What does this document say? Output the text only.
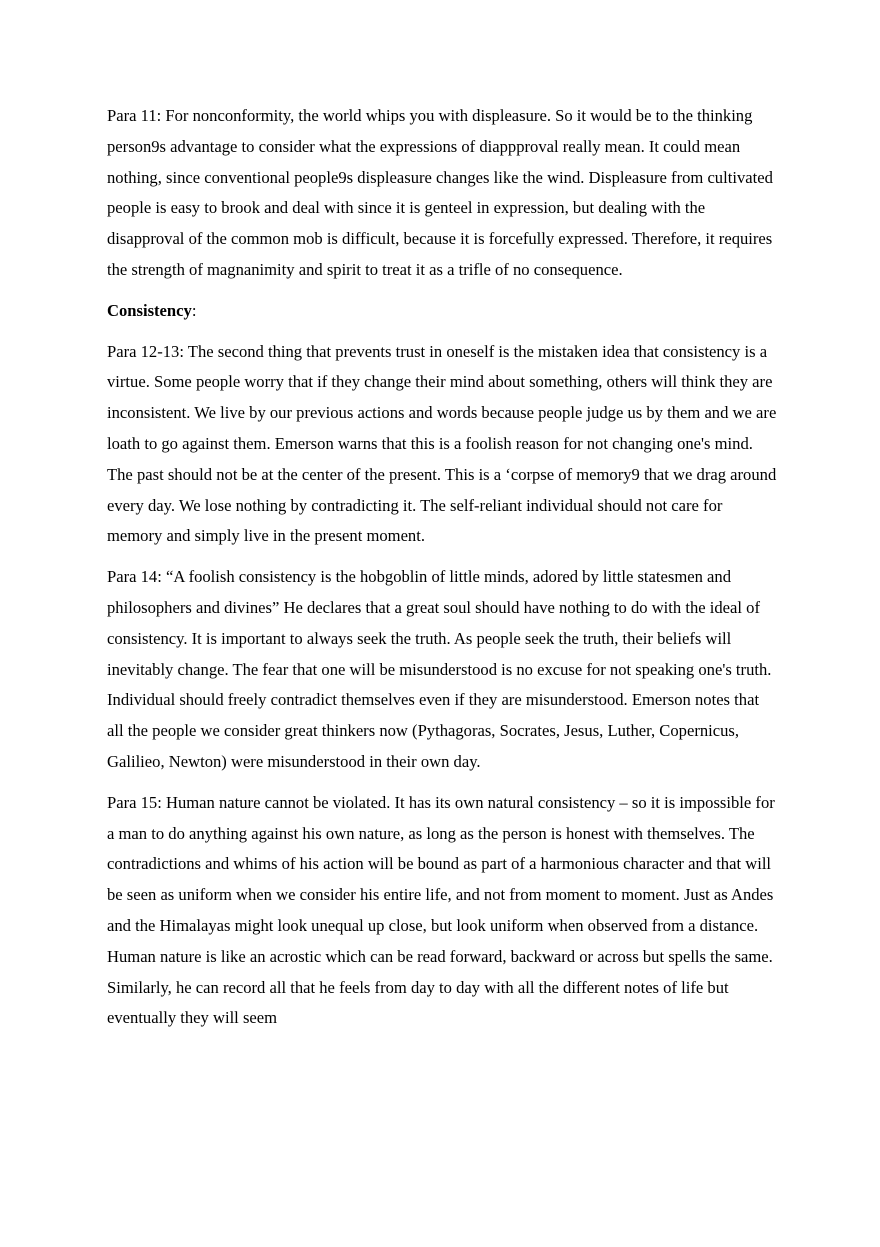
Para 11: For nonconformity, the world whips you with displeasure. So it would be to the thinking person9s advantage to consider what the expressions of diappproval really mean. It could mean nothing, since conventional people9s displeasure changes like the wind. Displeasure from cultivated people is easy to brook and deal with since it is genteel in expression, but dealing with the disapproval of the common mob is difficult, because it is forcefully expressed. Therefore, it requires the strength of magnanimity and spirit to treat it as a trifle of no consequence.

Consistency:

Para 12-13: The second thing that prevents trust in oneself is the mistaken idea that consistency is a virtue. Some people worry that if they change their mind about something, others will think they are inconsistent. We live by our previous actions and words because people judge us by them and we are loath to go against them. Emerson warns that this is a foolish reason for not changing one's mind. The past should not be at the center of the present. This is a ‘corpse of memory9 that we drag around every day. We lose nothing by contradicting it. The self-reliant individual should not care for memory and simply live in the present moment.

Para 14: “A foolish consistency is the hobgoblin of little minds, adored by little statesmen and philosophers and divines” He declares that a great soul should have nothing to do with the ideal of consistency. It is important to always seek the truth. As people seek the truth, their beliefs will inevitably change. The fear that one will be misunderstood is no excuse for not speaking one's truth. Individual should freely contradict themselves even if they are misunderstood. Emerson notes that all the people we consider great thinkers now (Pythagoras, Socrates, Jesus, Luther, Copernicus, Galilieo, Newton) were misunderstood in their own day.

Para 15: Human nature cannot be violated. It has its own natural consistency – so it is impossible for a man to do anything against his own nature, as long as the person is honest with themselves. The contradictions and whims of his action will be bound as part of a harmonious character and that will be seen as uniform when we consider his entire life, and not from moment to moment. Just as Andes and the Himalayas might look unequal up close, but look uniform when observed from a distance. Human nature is like an acrostic which can be read forward, backward or across but spells the same. Similarly, he can record all that he feels from day to day with all the different notes of life but eventually they will seem
